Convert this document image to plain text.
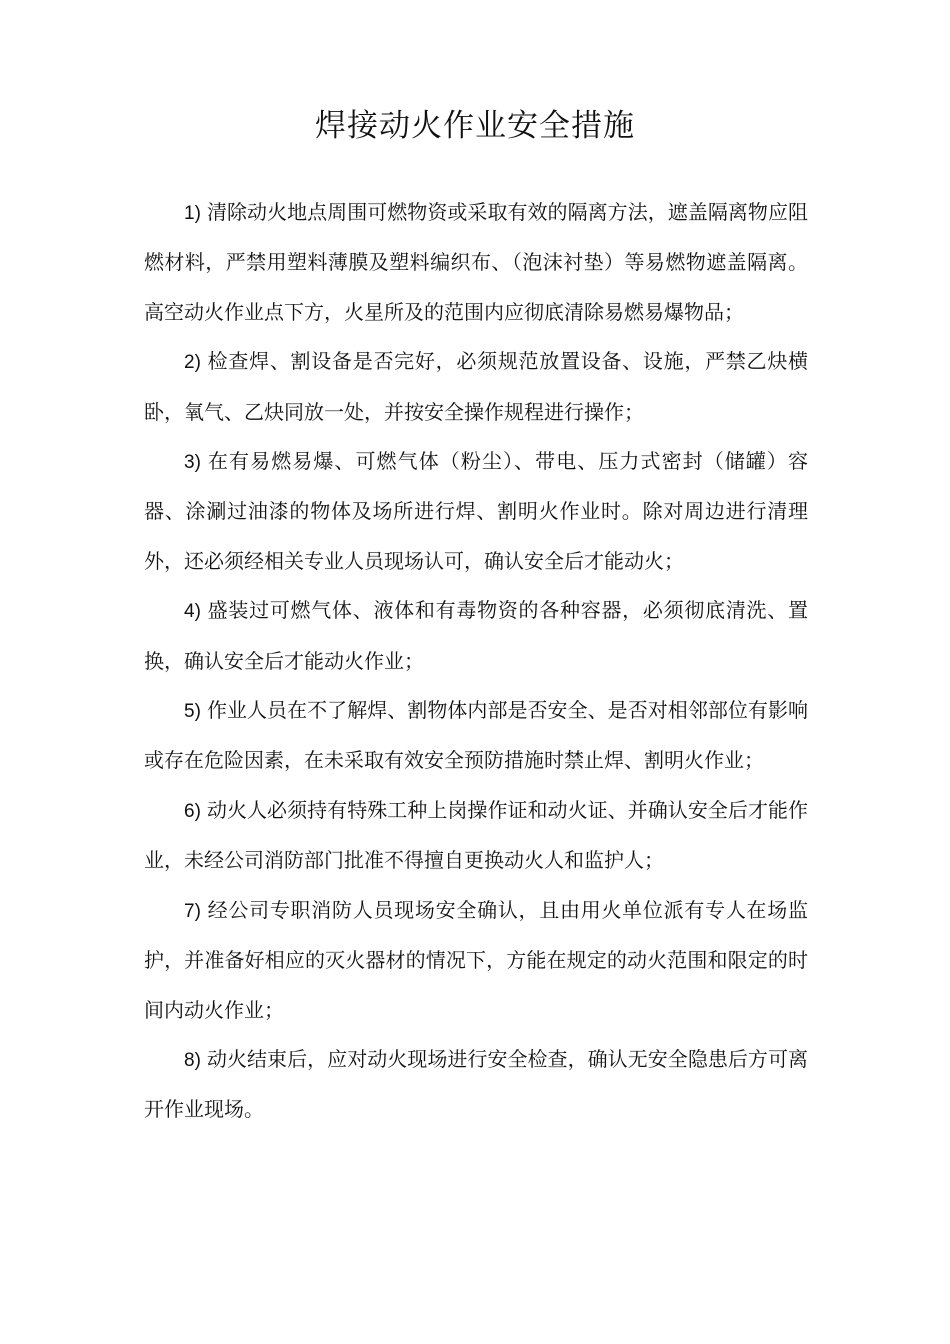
焊接动火作业安全措施

1) 清除动火地点周围可燃物资或采取有效的隔离方法，遮盖隔离物应阻燃材料，严禁用塑料薄膜及塑料编织布、（泡沫衬垫）等易燃物遮盖隔离。高空动火作业点下方，火星所及的范围内应彻底清除易燃易爆物品；

2) 检查焊、割设备是否完好，必须规范放置设备、设施，严禁乙炔横卧，氧气、乙炔同放一处，并按安全操作规程进行操作；

3) 在有易燃易爆、可燃气体（粉尘）、带电、压力式密封（储罐）容器、涂涮过油漆的物体及场所进行焊、割明火作业时。除对周边进行清理外，还必须经相关专业人员现场认可，确认安全后才能动火；

4) 盛装过可燃气体、液体和有毒物资的各种容器，必须彻底清洗、置换，确认安全后才能动火作业；

5) 作业人员在不了解焊、割物体内部是否安全、是否对相邻部位有影响或存在危险因素，在未采取有效安全预防措施时禁止焊、割明火作业；

6) 动火人必须持有特殊工种上岗操作证和动火证、并确认安全后才能作业，未经公司消防部门批准不得擅自更换动火人和监护人；

7) 经公司专职消防人员现场安全确认，且由用火单位派有专人在场监护，并准备好相应的灭火器材的情况下，方能在规定的动火范围和限定的时间内动火作业；

8) 动火结束后，应对动火现场进行安全检查，确认无安全隐患后方可离开作业现场。
